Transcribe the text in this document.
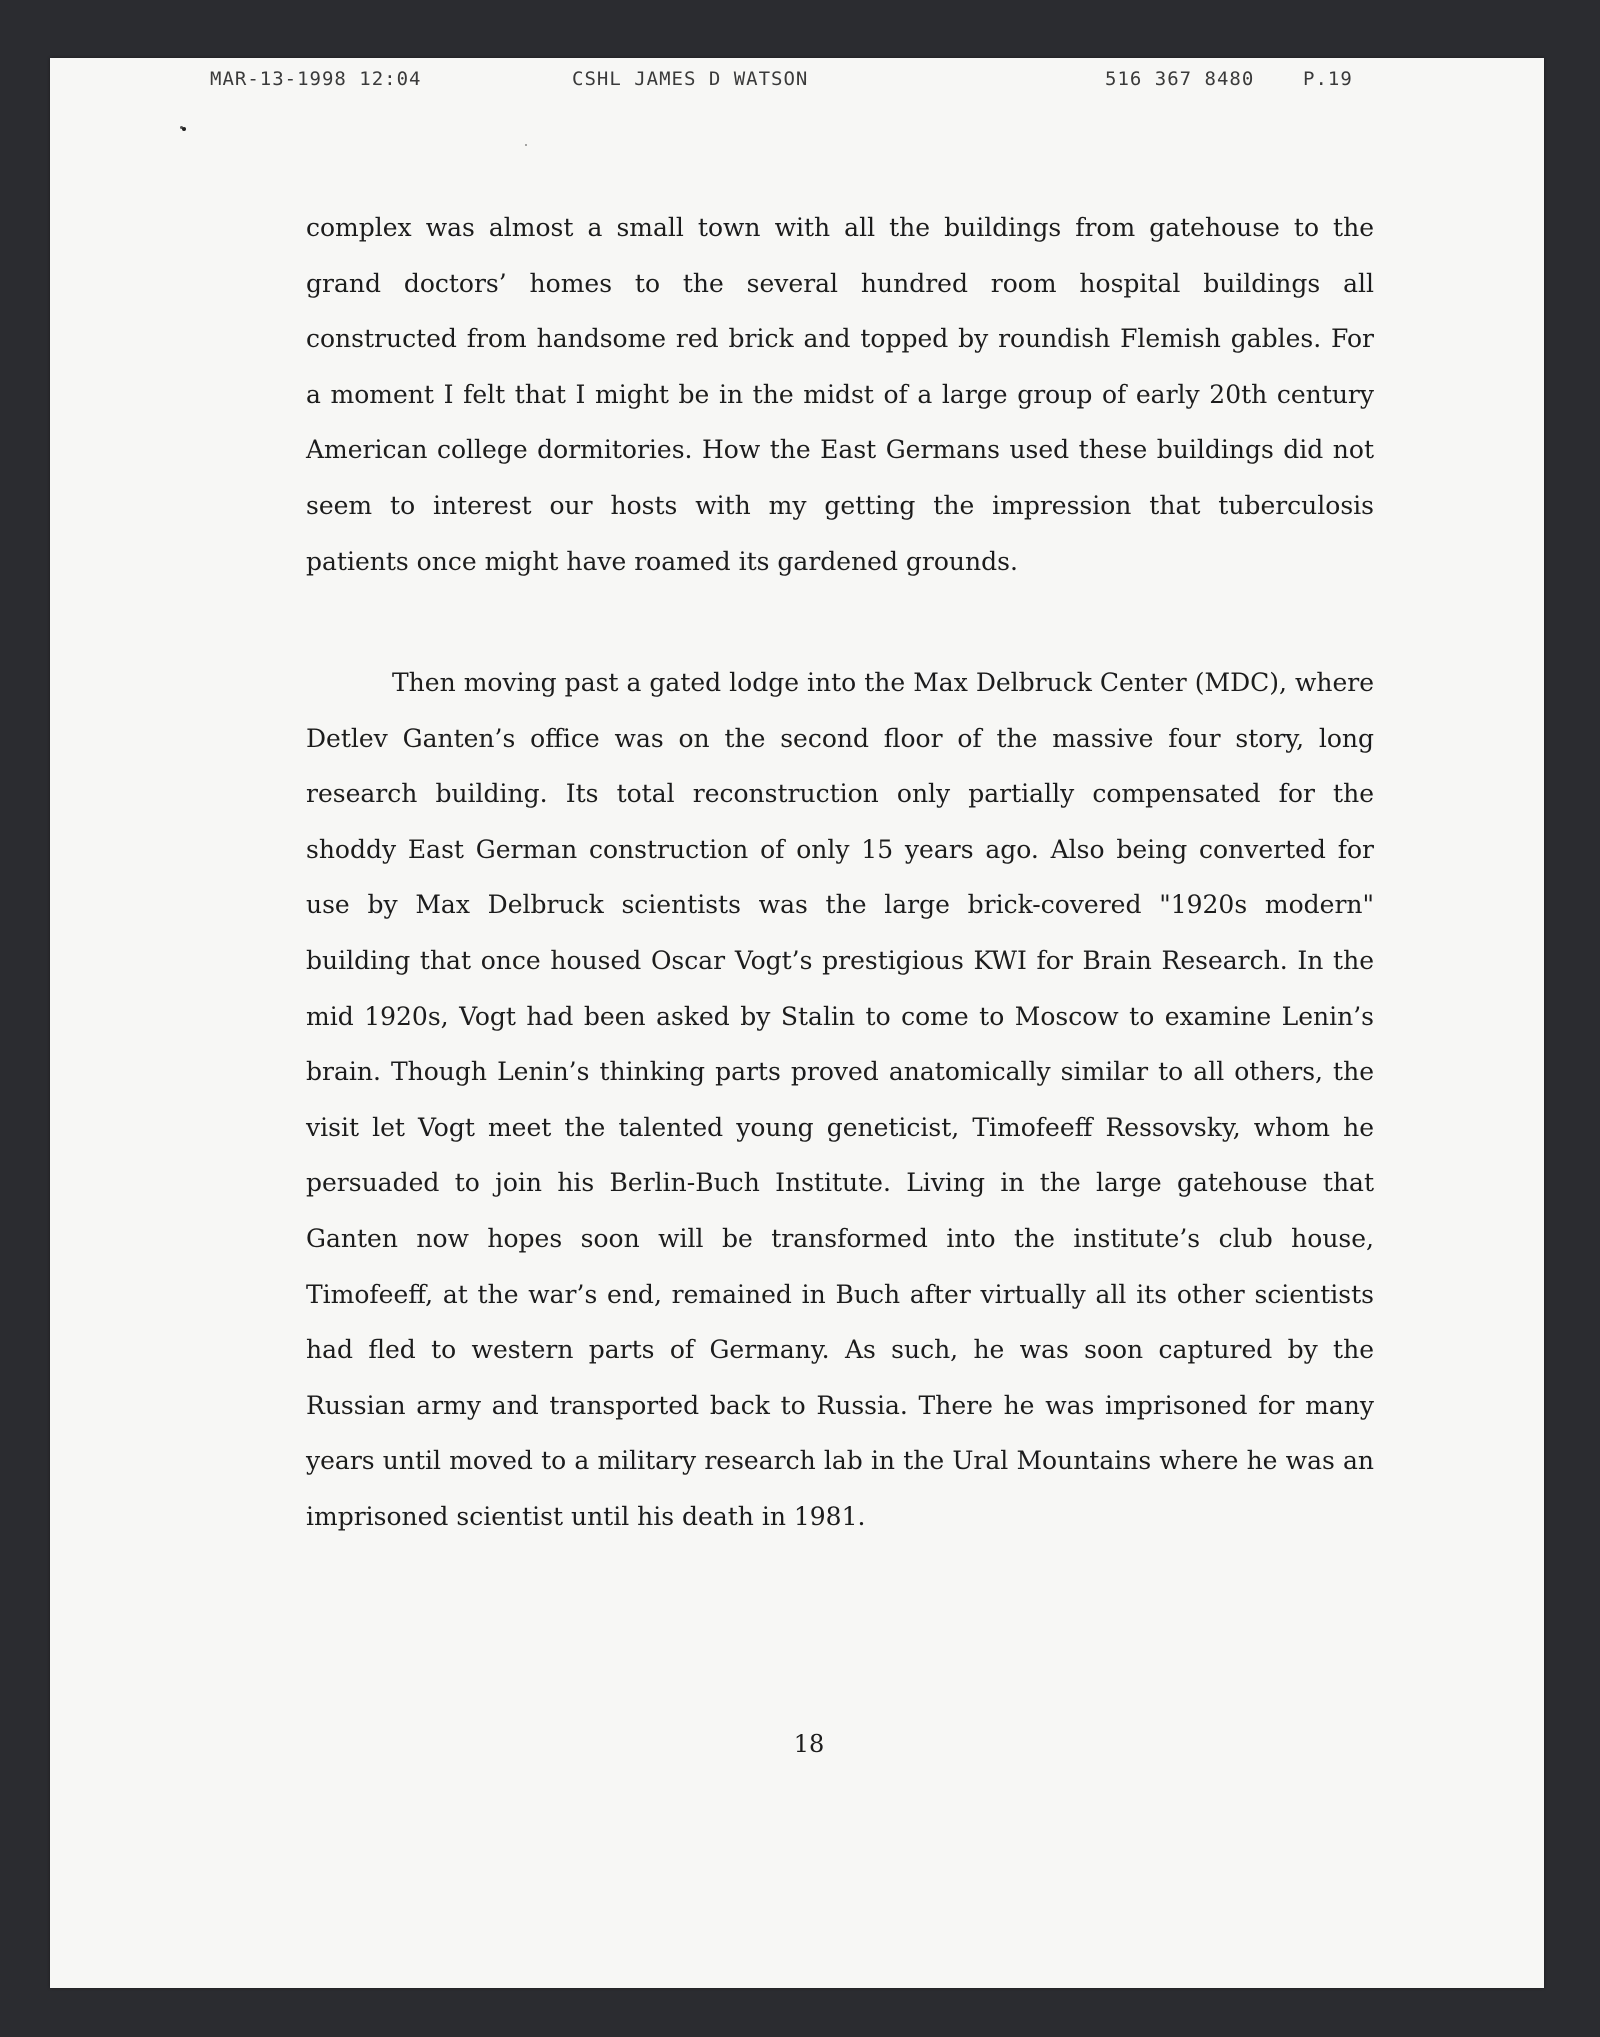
MAR-13-1998 12:04	CSHL JAMES D WATSON	516 367 8480	P.19

complex was almost a small town with all the buildings from gatehouse to the grand doctors’ homes to the several hundred room hospital buildings all constructed from handsome red brick and topped by roundish Flemish gables. For a moment I felt that I might be in the midst of a large group of early 20th century American college dormitories. How the East Germans used these buildings did not seem to interest our hosts with my getting the impression that tuberculosis patients once might have roamed its gardened grounds.

Then moving past a gated lodge into the Max Delbruck Center (MDC), where Detlev Ganten’s office was on the second floor of the massive four story, long research building. Its total reconstruction only partially compensated for the shoddy East German construction of only 15 years ago. Also being converted for use by Max Delbruck scientists was the large brick-covered "1920s modern" building that once housed Oscar Vogt’s prestigious KWI for Brain Research. In the mid 1920s, Vogt had been asked by Stalin to come to Moscow to examine Lenin’s brain. Though Lenin’s thinking parts proved anatomically similar to all others, the visit let Vogt meet the talented young geneticist, Timofeeff Ressovsky, whom he persuaded to join his Berlin-Buch Institute. Living in the large gatehouse that Ganten now hopes soon will be transformed into the institute’s club house, Timofeeff, at the war’s end, remained in Buch after virtually all its other scientists had fled to western parts of Germany. As such, he was soon captured by the Russian army and transported back to Russia. There he was imprisoned for many years until moved to a military research lab in the Ural Mountains where he was an imprisoned scientist until his death in 1981.

18
